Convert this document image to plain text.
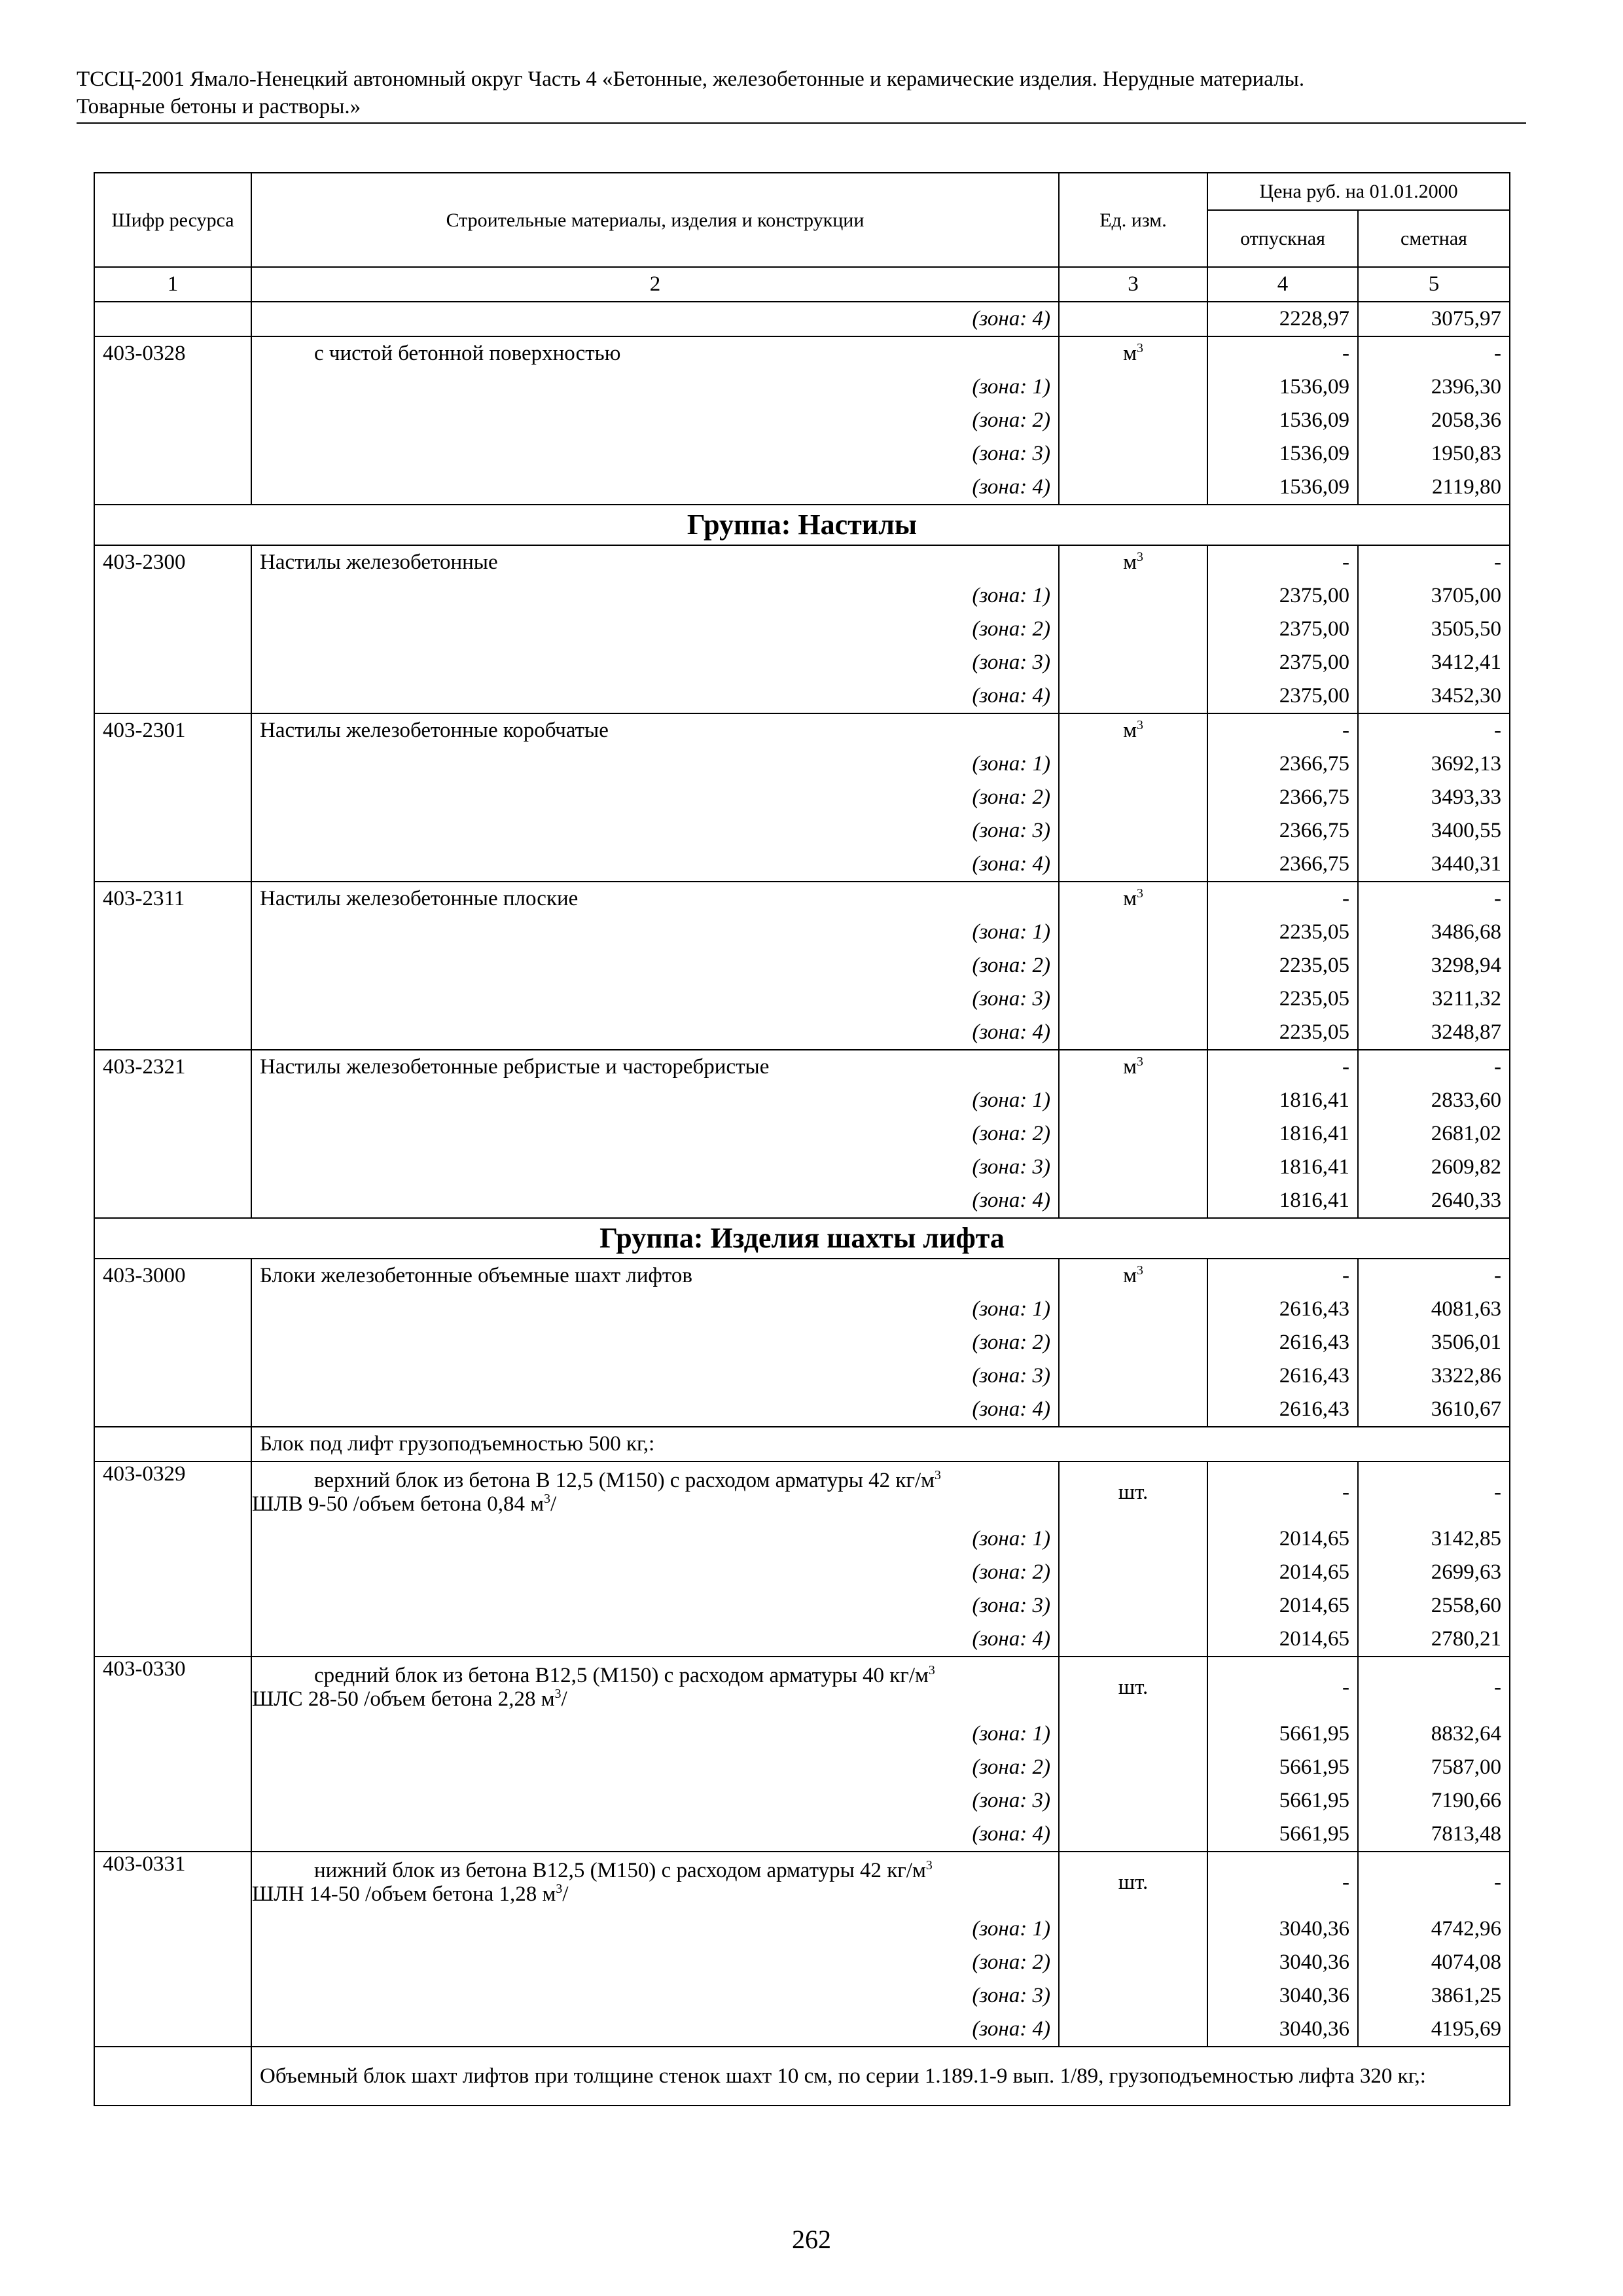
ТССЦ-2001 Ямало-Ненецкий автономный округ Часть 4 «Бетонные, железобетонные и керамические изделия. Нерудные материалы.
Товарные бетоны и растворы.»
Шифр ресурса	Строительные материалы, изделия и конструкции	Ед. изм.	Цена руб. на 01.01.2000	
			отпускная	сметная
1	2	3	4	5
	(зона: 4)		2228,97	3075,97
403-0328	с чистой бетонной поверхностью	$м^3$	-	-
	(зона: 1)		1536,09	2396,30
	(зона: 2)		1536,09	2058,36
	(зона: 3)		1536,09	1950,83
	(зона: 4)		1536,09	2119,80
Группа: Настилы				
403-2300	Настилы железобетонные	$м^3$	-	-
	(зона: 1)		2375,00	3705,00
	(зона: 2)		2375,00	3505,50
	(зона: 3)		2375,00	3412,41
	(зона: 4)		2375,00	3452,30
403-2301	Настилы железобетонные коробчатые	$м^3$	-	-
	(зона: 1)		2366,75	3692,13
	(зона: 2)		2366,75	3493,33
	(зона: 3)		2366,75	3400,55
	(зона: 4)		2366,75	3440,31
403-2311	Настилы железобетонные плоские	$м^3$	-	-
	(зона: 1)		2235,05	3486,68
	(зона: 2)		2235,05	3298,94
	(зона: 3)		2235,05	3211,32
	(зона: 4)		2235,05	3248,87
403-2321	Настилы железобетонные ребристые и часторебристые	$м^3$	-	-
	(зона: 1)		1816,41	2833,60
	(зона: 2)		1816,41	2681,02
	(зона: 3)		1816,41	2609,82
	(зона: 4)		1816,41	2640,33
Группа: Изделия шахты лифта				
403-3000	Блоки железобетонные объемные шахт лифтов	$м^3$	-	-
	(зона: 1)		2616,43	4081,63
	(зона: 2)		2616,43	3506,01
	(зона: 3)		2616,43	3322,86
	(зона: 4)		2616,43	3610,67
	Блок под лифт грузоподъемностью 500 кг,:			
403-0329	верхний блок из бетона В 12,5 (М150) с расходом арматуры 42 $кг/м^3$
ШЛВ 9-50 /объем бетона 0,84 $м^3/$	шт.	-	-
	(зона: 1)		2014,65	3142,85
	(зона: 2)		2014,65	2699,63
	(зона: 3)		2014,65	2558,60
	(зона: 4)		2014,65	2780,21
403-0330	средний блок из бетона В12,5 (М150) с расходом арматуры 40 $кг/м^3$
ШЛС 28-50 /объем бетона 2,28 $м^3/$	шт.	-	-
	(зона: 1)		5661,95	8832,64
	(зона: 2)		5661,95	7587,00
	(зона: 3)		5661,95	7190,66
	(зона: 4)		5661,95	7813,48
403-0331	нижний блок из бетона В12,5 (М150) с расходом арматуры 42 $кг/м^3$
ШЛН 14-50 /объем бетона 1,28 $м^3/$	шт.	-	-
	(зона: 1)		3040,36	4742,96
	(зона: 2)		3040,36	4074,08
	(зона: 3)		3040,36	3861,25
	(зона: 4)		3040,36	4195,69
	Объемный блок шахт лифтов при толщине стенок шахт 10 см, по серии 1.189.1-9 вып. 1/89, грузоподъемностью лифта 320 кг,:			
262
